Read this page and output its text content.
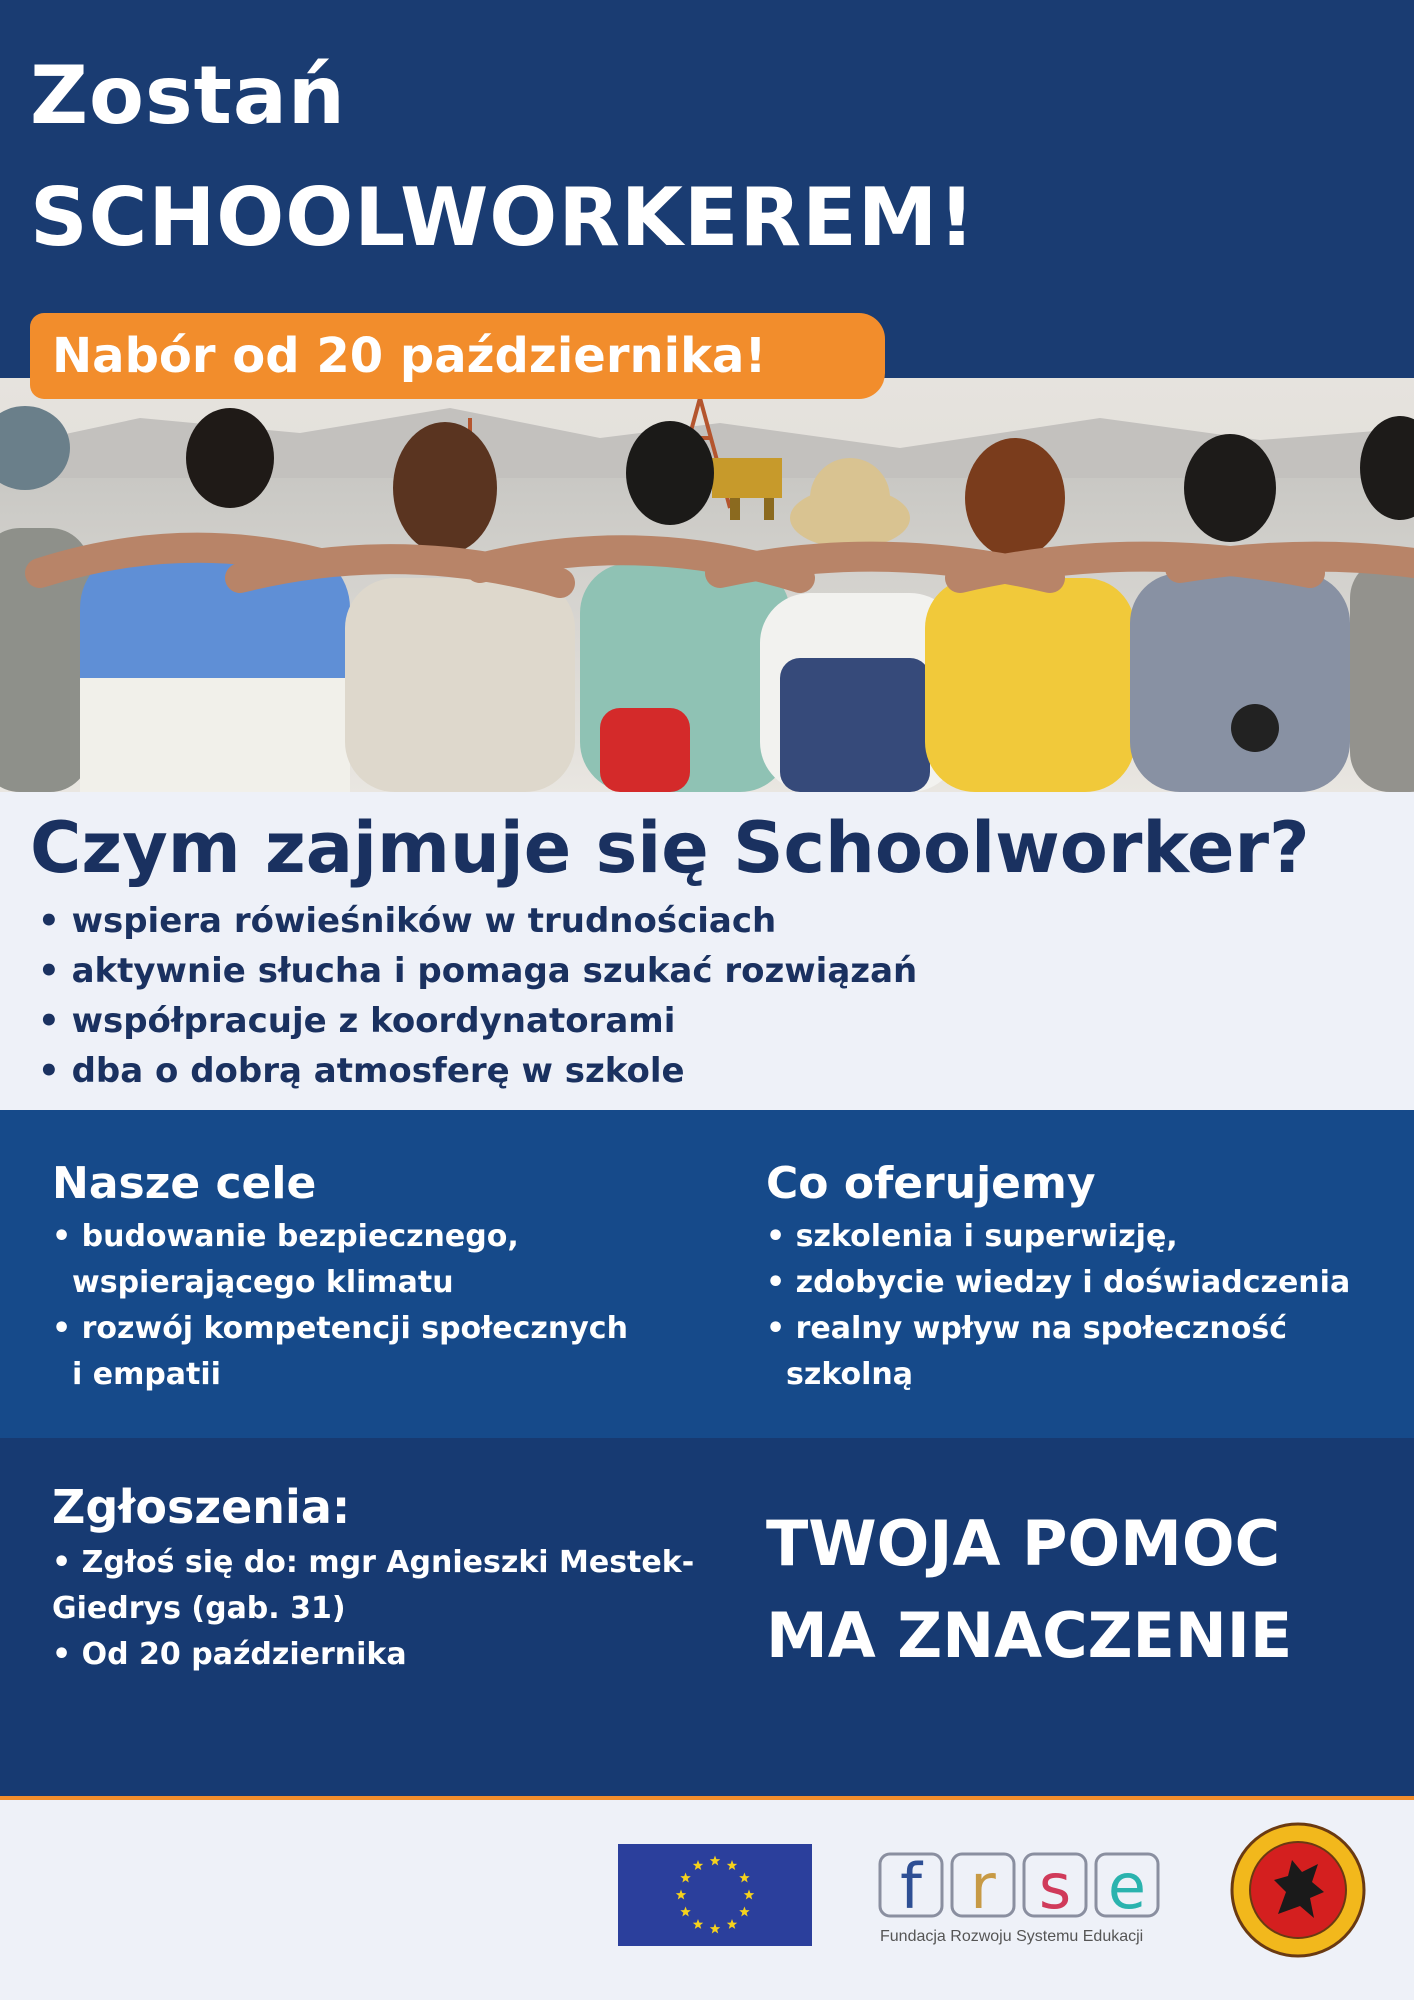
Zostań
SCHOOLWORKEREM!
Nabór od 20 października!
Czym zajmuje się Schoolworker?
• wspiera rówieśników w trudnościach
• aktywnie słucha i pomaga szukać rozwiązań
• współpracuje z koordynatorami
• dba o dobrą atmosferę w szkole
Nasze cele
• budowanie bezpiecznego,
wspierającego klimatu
• rozwój kompetencji społecznych
i empatii
Co oferujemy
• szkolenia i superwizję,
• zdobycie wiedzy i doświadczenia
• realny wpływ na społeczność
szkolną
Zgłoszenia:

• Zgłoś się do: mgr Agnieszki Mestek-

Giedrys (gab. 31)

• Od 20 października

TWOJA POMOC
MA ZNACZENIE
f r s e
Fundacja Rozwoju Systemu Edukacji
